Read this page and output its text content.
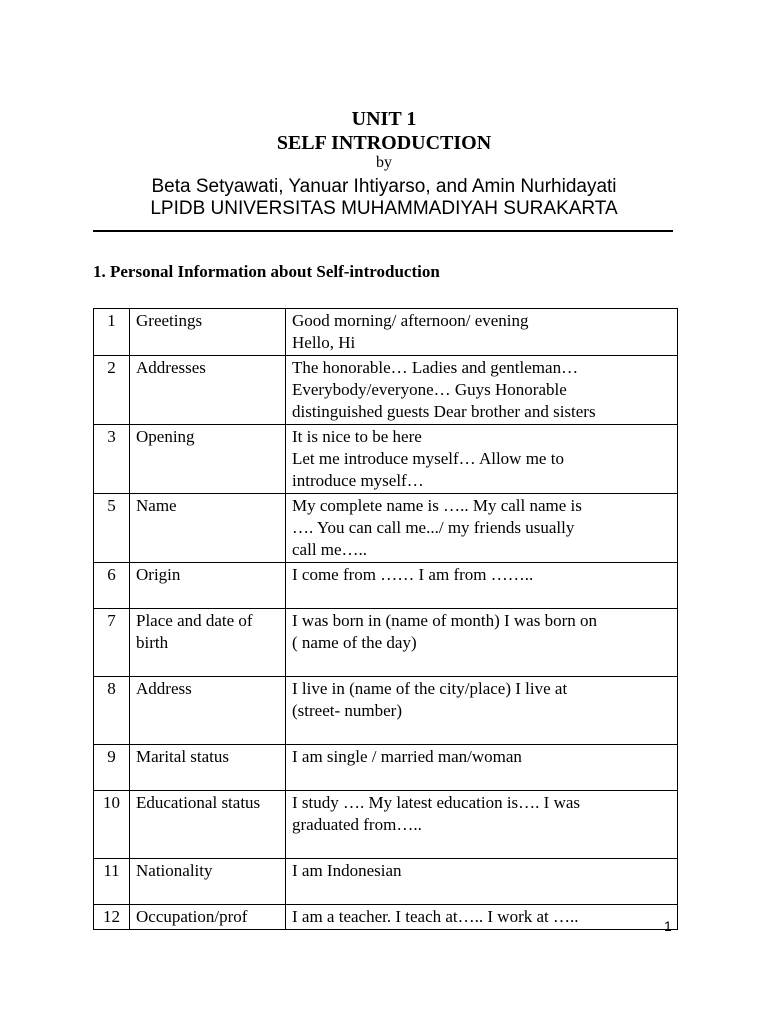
UNIT 1
SELF INTRODUCTION
by
Beta Setyawati, Yanuar Ihtiyarso, and Amin Nurhidayati
LPIDB UNIVERSITAS MUHAMMADIYAH SURAKARTA
1. Personal Information about Self-introduction
1	Greetings	Good morning/ afternoon/ evening
Hello, Hi

2	Addresses	The honorable… Ladies and gentleman…
Everybody/everyone… Guys Honorable
distinguished guests Dear brother and sisters

3	Opening	It is nice to be here
Let me introduce myself… Allow me to
introduce myself…

5	Name	My complete name is ….. My call name is
…. You can call me.../ my friends usually
call me…..

6	Origin	I come from …… I am from ……..

7	Place and date of birth	I was born in (name of month) I was born on
( name of the day)

8	Address	I live in (name of the city/place) I live at
(street- number)

9	Marital status	I am single / married man/woman

10	Educational status	I study …. My latest education is…. I was
graduated from…..

11	Nationality	I am Indonesian

12	Occupation/prof	I am a teacher. I teach at….. I work at …..	1
